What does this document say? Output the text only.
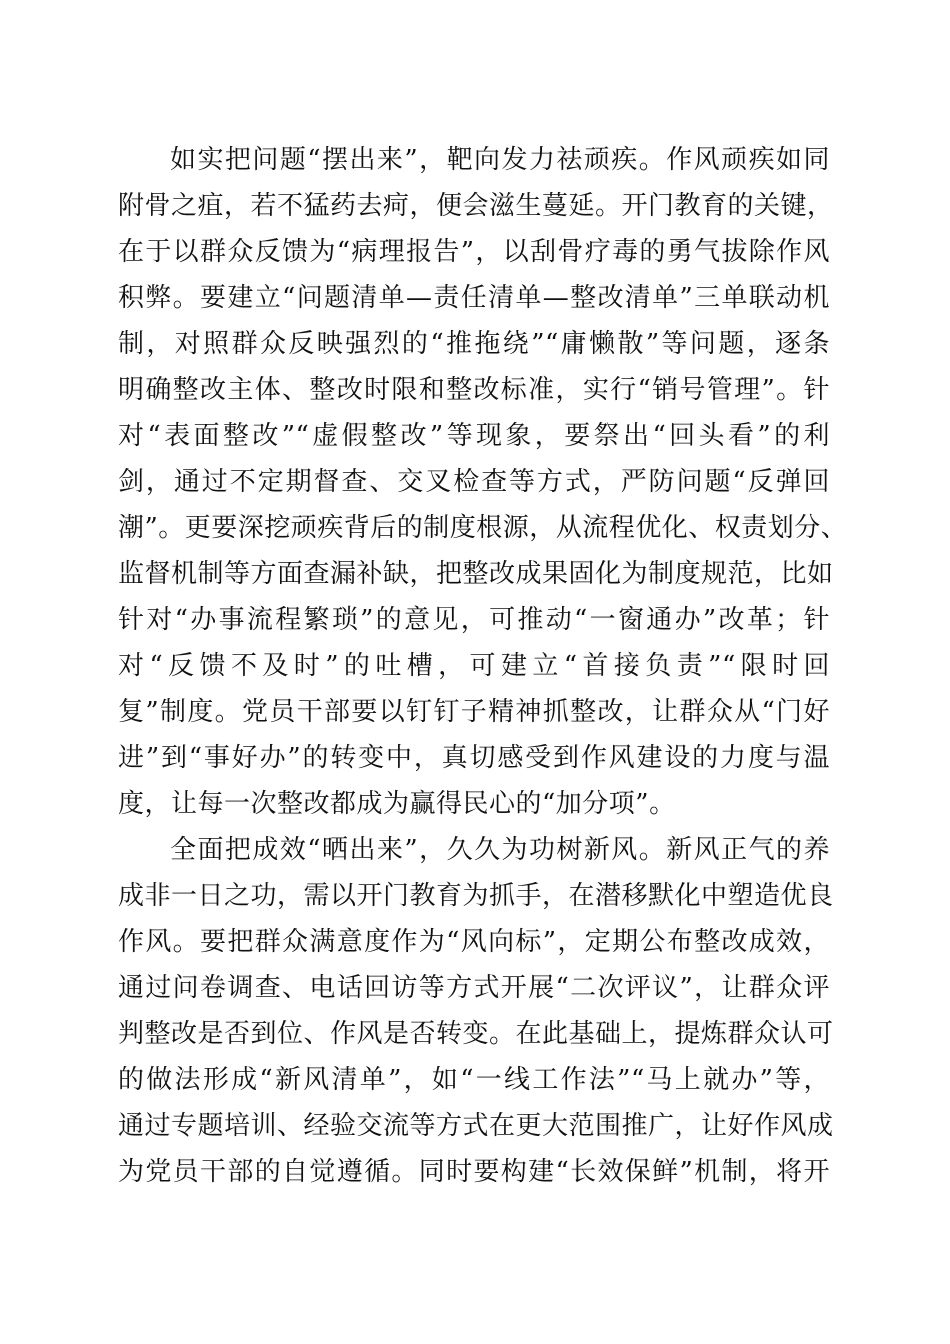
如实把问题“摆出来”，靶向发力祛顽疾。作风顽疾如同
附骨之疽，若不猛药去疴，便会滋生蔓延。开门教育的关键，
在于以群众反馈为“病理报告”，以刮骨疗毒的勇气拔除作风
积弊。要建立“问题清单—责任清单—整改清单”三单联动机
制，对照群众反映强烈的“推拖绕”“庸懒散”等问题，逐条
明确整改主体、整改时限和整改标准，实行“销号管理”。针
对“表面整改”“虚假整改”等现象，要祭出“回头看”的利
剑，通过不定期督查、交叉检查等方式，严防问题“反弹回
潮”。更要深挖顽疾背后的制度根源，从流程优化、权责划分、
监督机制等方面查漏补缺，把整改成果固化为制度规范，比如
针对“办事流程繁琐”的意见，可推动“一窗通办”改革；针
对“反馈不及时”的吐槽，可建立“首接负责”“限时回
复”制度。党员干部要以钉钉子精神抓整改，让群众从“门好
进”到“事好办”的转变中，真切感受到作风建设的力度与温
度，让每一次整改都成为赢得民心的“加分项”。
全面把成效“晒出来”，久久为功树新风。新风正气的养
成非一日之功，需以开门教育为抓手，在潜移默化中塑造优良
作风。要把群众满意度作为“风向标”，定期公布整改成效，
通过问卷调查、电话回访等方式开展“二次评议”，让群众评
判整改是否到位、作风是否转变。在此基础上，提炼群众认可
的做法形成“新风清单”，如“一线工作法”“马上就办”等，
通过专题培训、经验交流等方式在更大范围推广，让好作风成
为党员干部的自觉遵循。同时要构建“长效保鲜”机制，将开
